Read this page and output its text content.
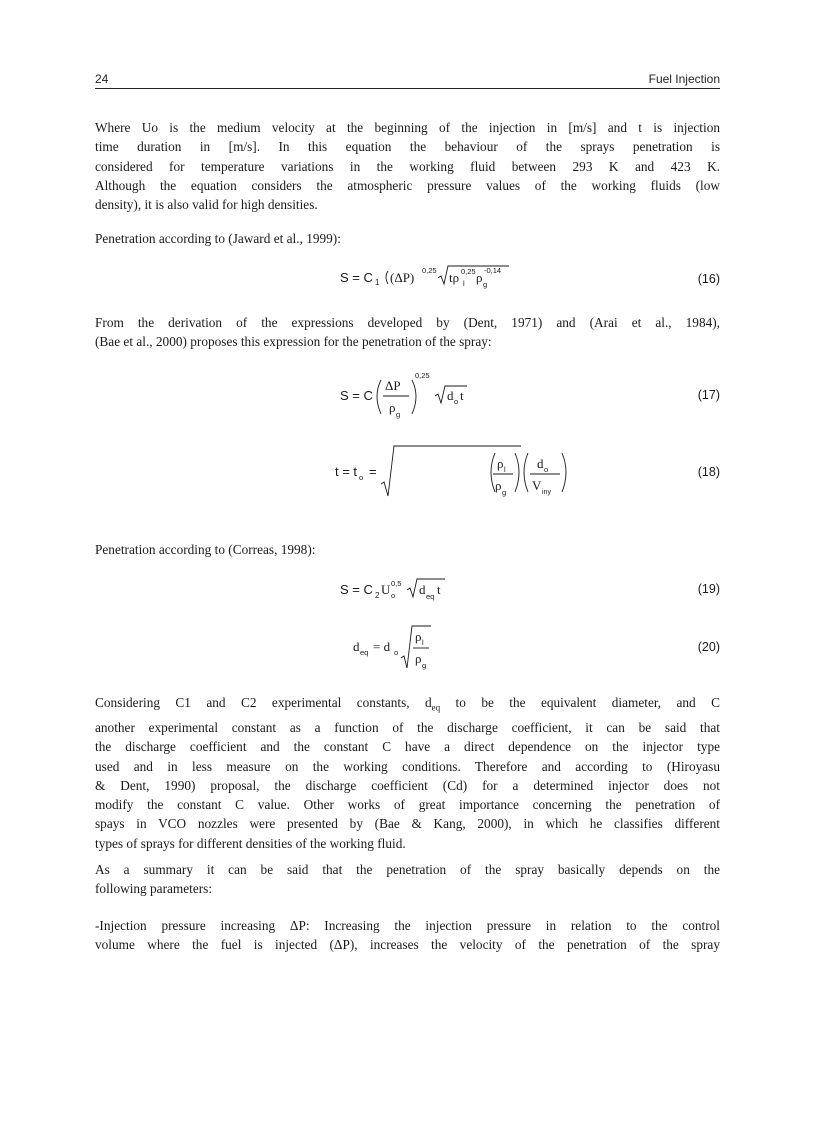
24	Fuel Injection
Where Uo is the medium velocity at the beginning of the injection in [m/s] and t is injection
time duration in [m/s]. In this equation the behaviour of the sprays penetration is
considered for temperature variations in the working fluid between 293 K and 423 K.
Although the equation considers the atmospheric pressure values of the working fluids (low
density), it is also valid for high densities.
Penetration according to (Jaward et al., 1999):
S = C 1 (ΔP) 0,25 tρ l
0,25 ρ g
-0,14
(16)
From the derivation of the expressions developed by (Dent, 1971) and (Arai et al., 1984),
(Bae et al., 2000) proposes this expression for the penetration of the spray:
S = C
ΔP
ρ g
0,25
d o t	(17)
t = t o =
ρ l
ρ g
d o
V iny
(18)
Penetration according to (Correas, 1998):
S = C 2 U o
0,5 d eq t	(19)
d eq = d o
ρ l
ρ g
(20)
Considering C1 and C2 experimental constants, $d_{eq}$ to be the equivalent diameter, and C
another experimental constant as a function of the discharge coefficient, it can be said that
the discharge coefficient and the constant C have a direct dependence on the injector type
used and in less measure on the working conditions. Therefore and according to (Hiroyasu
& Dent, 1990) proposal, the discharge coefficient (Cd) for a determined injector does not
modify the constant C value. Other works of great importance concerning the penetration of
spays in VCO nozzles were presented by (Bae & Kang, 2000), in which he classifies different
types of sprays for different densities of the working fluid.
As a summary it can be said that the penetration of the spray basically depends on the
following parameters:
-Injection pressure increasing ΔP: Increasing the injection pressure in relation to the control
volume where the fuel is injected (ΔP), increases the velocity of the penetration of the spray
